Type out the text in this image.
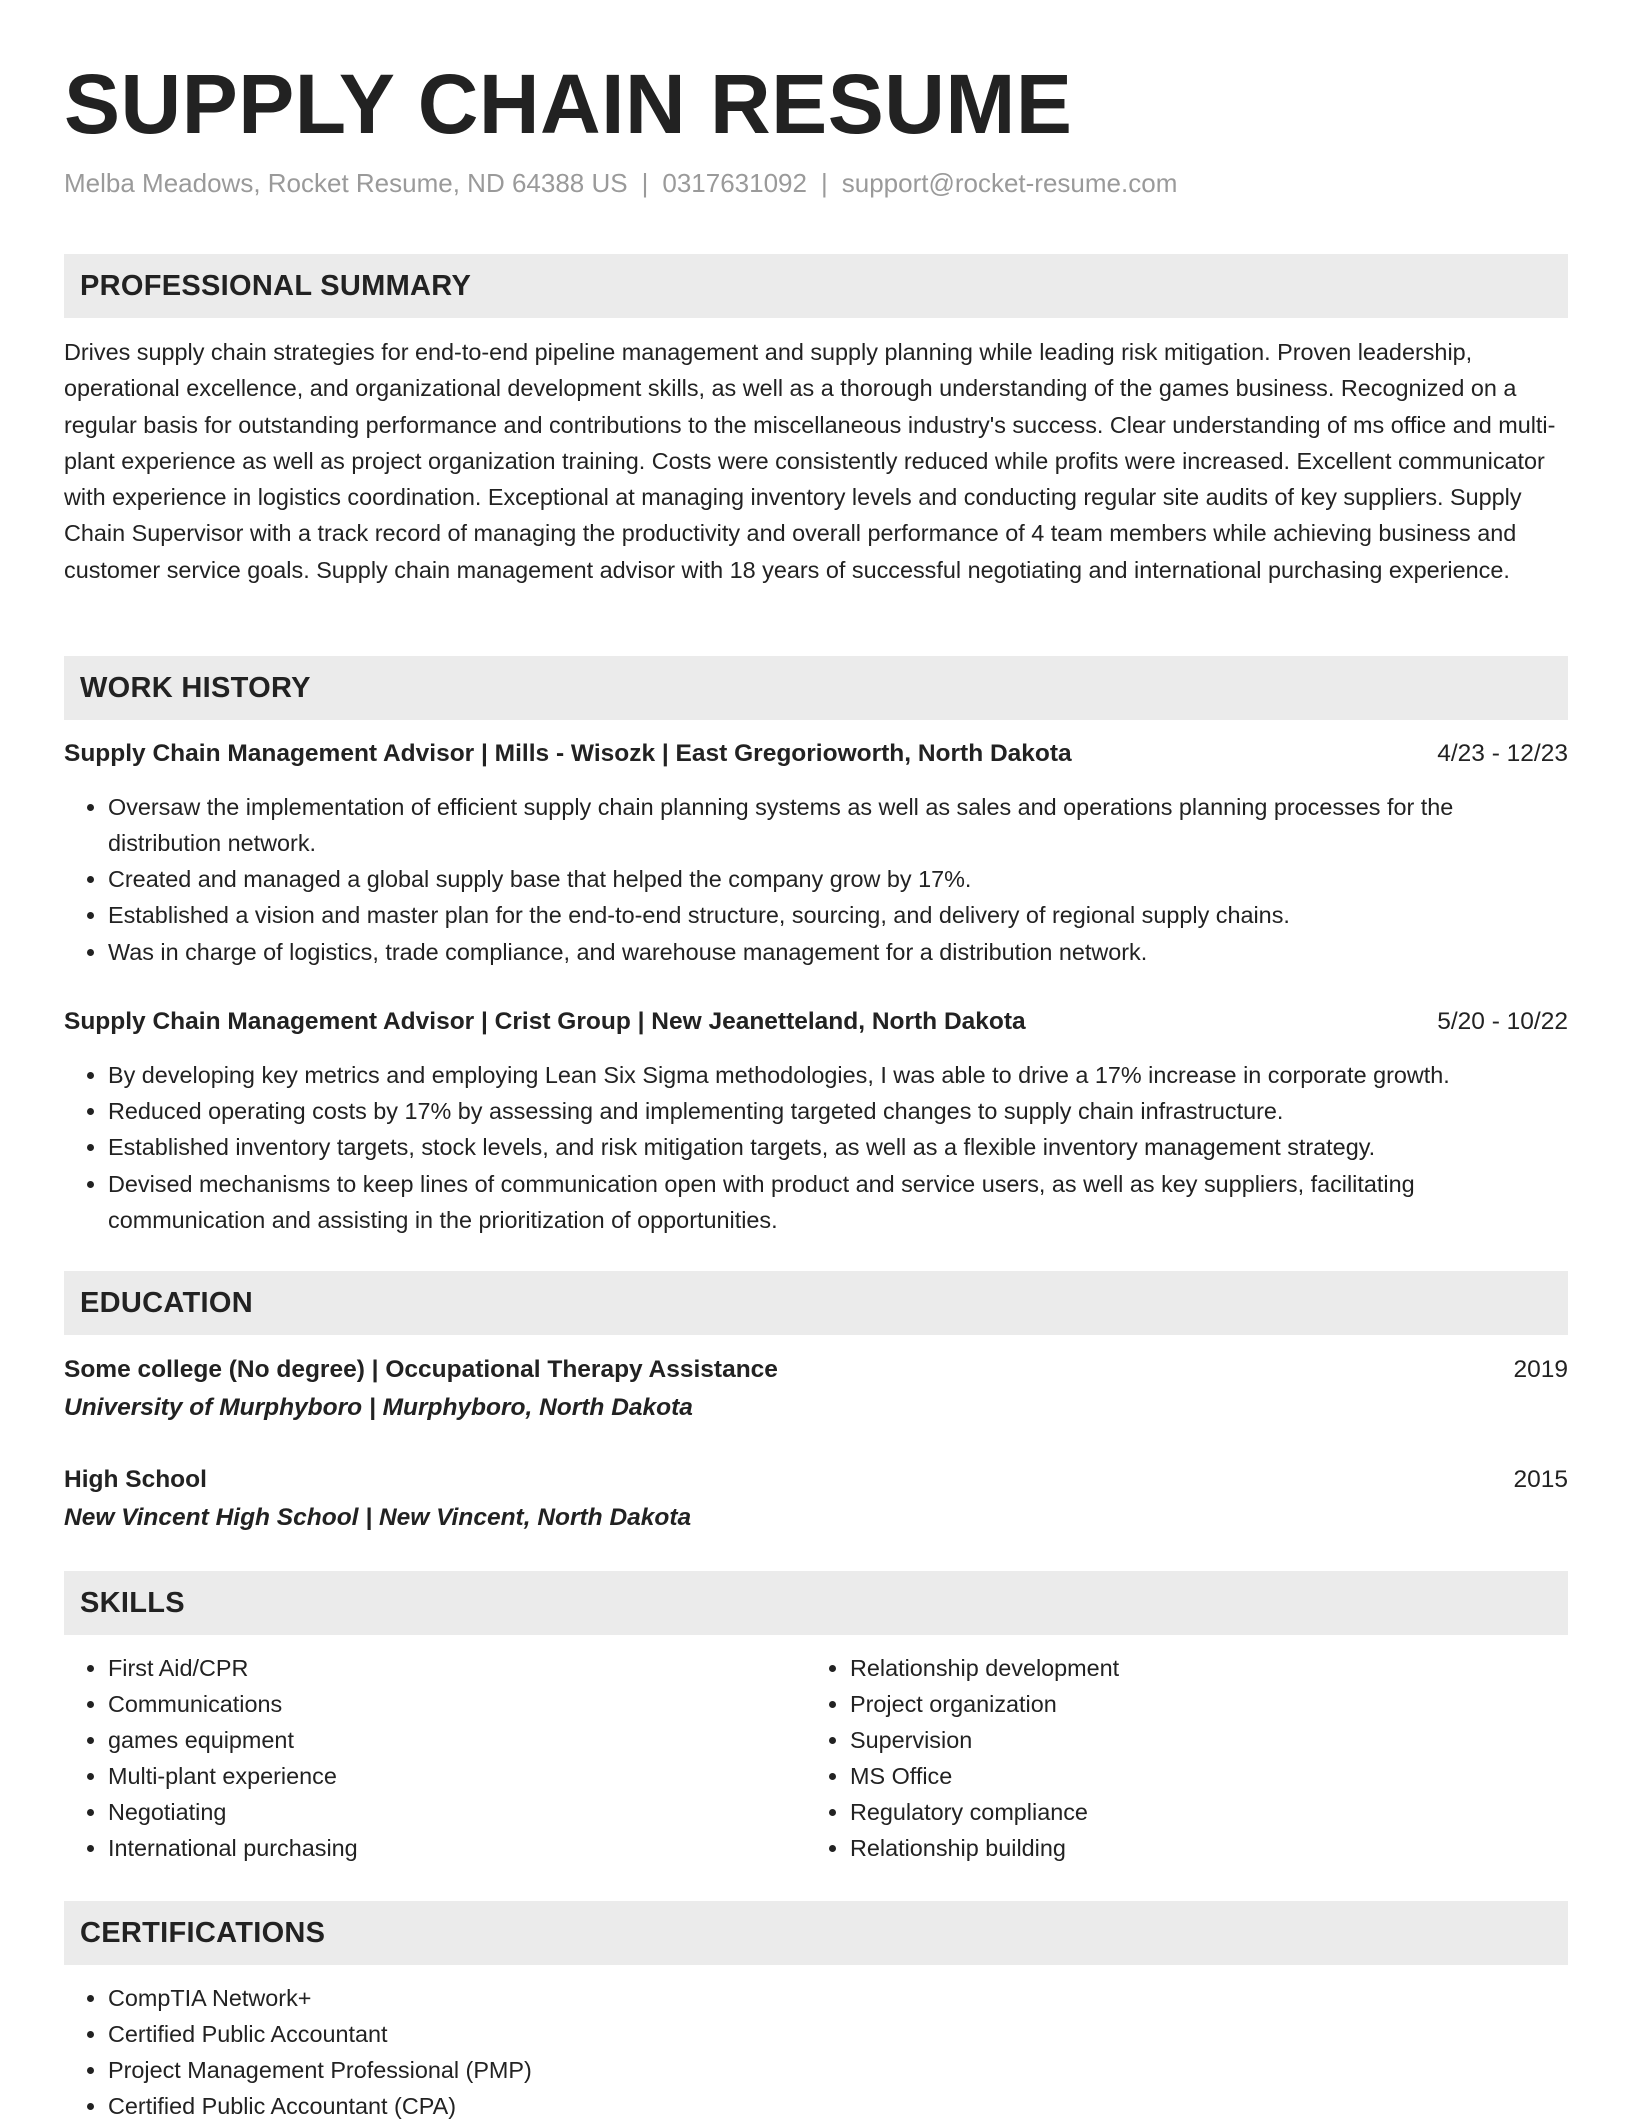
SUPPLY CHAIN RESUME
Melba Meadows, Rocket Resume, ND 64388 US | 0317631092 | support@rocket-resume.com
PROFESSIONAL SUMMARY

Drives supply chain strategies for end-to-end pipeline management and supply planning while leading risk mitigation. Proven leadership, operational excellence, and organizational development skills, as well as a thorough understanding of the games business. Recognized on a regular basis for outstanding performance and contributions to the miscellaneous industry's success. Clear understanding of ms office and multi-plant experience as well as project organization training. Costs were consistently reduced while profits were increased. Excellent communicator with experience in logistics coordination. Exceptional at managing inventory levels and conducting regular site audits of key suppliers. Supply Chain Supervisor with a track record of managing the productivity and overall performance of 4 team members while achieving business and customer service goals. Supply chain management advisor with 18 years of successful negotiating and international purchasing experience.

WORK HISTORY
Supply Chain Management Advisor | Mills - Wisozk | East Gregorioworth, North Dakota	4/23 - 12/23
• Oversaw the implementation of efficient supply chain planning systems as well as sales and operations planning processes for the distribution network.
• Created and managed a global supply base that helped the company grow by 17%.
• Established a vision and master plan for the end-to-end structure, sourcing, and delivery of regional supply chains.
• Was in charge of logistics, trade compliance, and warehouse management for a distribution network.
Supply Chain Management Advisor | Crist Group | New Jeanetteland, North Dakota	5/20 - 10/22
• By developing key metrics and employing Lean Six Sigma methodologies, I was able to drive a 17% increase in corporate growth.
• Reduced operating costs by 17% by assessing and implementing targeted changes to supply chain infrastructure.
• Established inventory targets, stock levels, and risk mitigation targets, as well as a flexible inventory management strategy.
• Devised mechanisms to keep lines of communication open with product and service users, as well as key suppliers, facilitating communication and assisting in the prioritization of opportunities.
EDUCATION
Some college (No degree) | Occupational Therapy Assistance	2019
University of Murphyboro | Murphyboro, North Dakota
High School	2015
New Vincent High School | New Vincent, North Dakota
SKILLS
• First Aid/CPR
• Communications
• games equipment
• Multi-plant experience
• Negotiating
• International purchasing
• Relationship development
• Project organization
• Supervision
• MS Office
• Regulatory compliance
• Relationship building
CERTIFICATIONS
• CompTIA Network+
• Certified Public Accountant
• Project Management Professional (PMP)
• Certified Public Accountant (CPA)
